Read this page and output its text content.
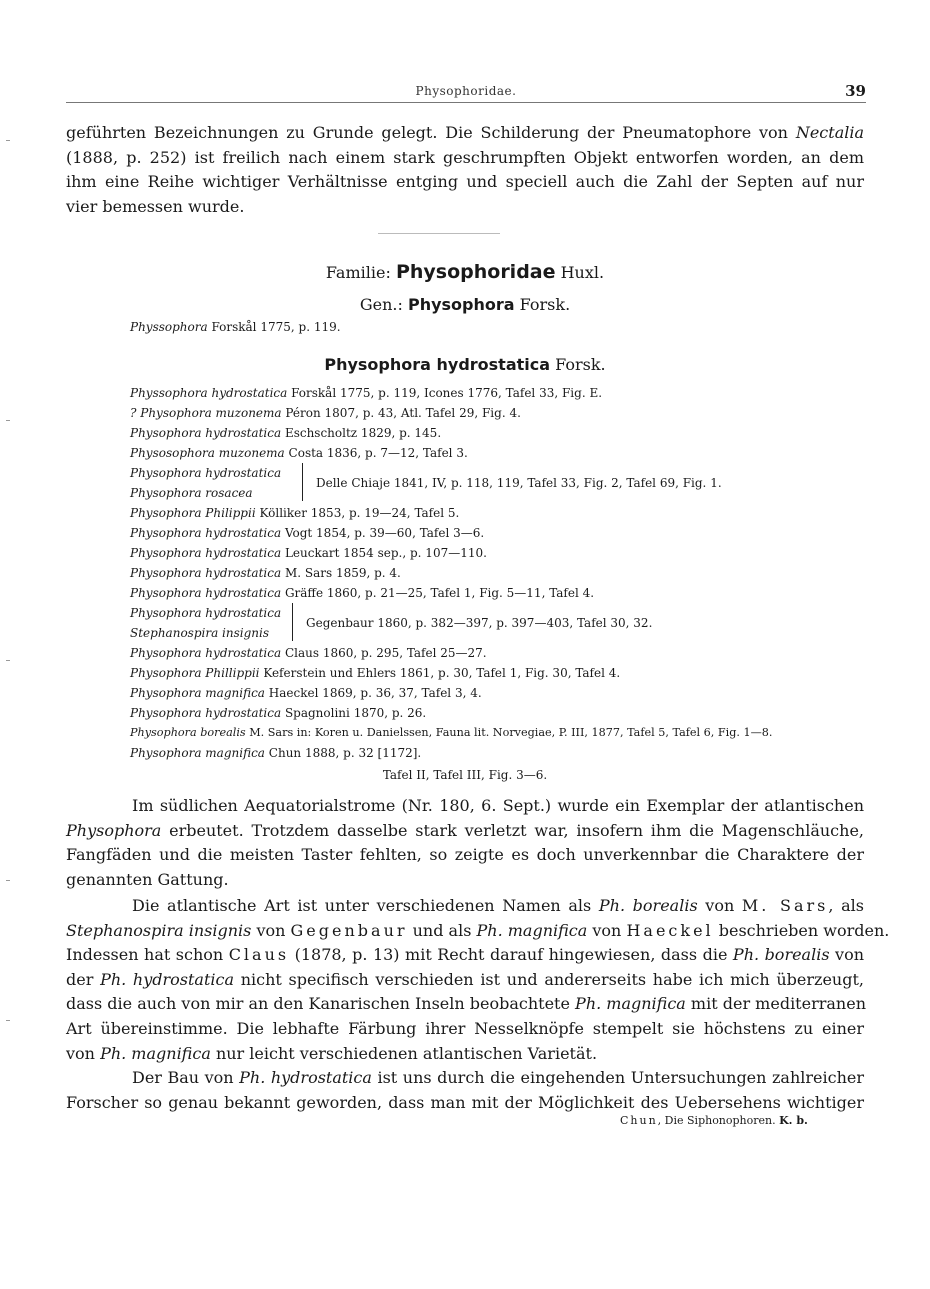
Physophoridae.	39
geführten Bezeichnungen zu Grunde gelegt. Die Schilderung der Pneumatophore von Nectalia
(1888, p. 252) ist freilich nach einem stark geschrumpften Objekt entworfen worden, an dem
ihm eine Reihe wichtiger Verhältnisse entging und speciell auch die Zahl der Septen auf nur
vier bemessen wurde.
Familie: Physophoridae Huxl.
Gen.: Physophora Forsk.
Physsophora Forskål 1775, p. 119.
Physophora hydrostatica Forsk.
Physsophora hydrostatica Forskål 1775, p. 119, Icones 1776, Tafel 33, Fig. E.
? Physophora muzonema Péron 1807, p. 43, Atl. Tafel 29, Fig. 4.
Physophora hydrostatica Eschscholtz 1829, p. 145.
Physosophora muzonema Costa 1836, p. 7—12, Tafel 3.
Physophora hydrostatica
Physophora rosacea
Delle Chiaje 1841, IV, p. 118, 119, Tafel 33, Fig. 2, Tafel 69, Fig. 1.
Physophora Philippii Kölliker 1853, p. 19—24, Tafel 5.
Physophora hydrostatica Vogt 1854, p. 39—60, Tafel 3—6.
Physophora hydrostatica Leuckart 1854 sep., p. 107—110.
Physophora hydrostatica M. Sars 1859, p. 4.
Physophora hydrostatica Gräffe 1860, p. 21—25, Tafel 1, Fig. 5—11, Tafel 4.
Physophora hydrostatica
Stephanospira insignis
Gegenbaur 1860, p. 382—397, p. 397—403, Tafel 30, 32.
Physophora hydrostatica Claus 1860, p. 295, Tafel 25—27.
Physophora Phillippii Keferstein und Ehlers 1861, p. 30, Tafel 1, Fig. 30, Tafel 4.
Physophora magnifica Haeckel 1869, p. 36, 37, Tafel 3, 4.
Physophora hydrostatica Spagnolini 1870, p. 26.
Physophora borealis M. Sars in: Koren u. Danielssen, Fauna lit. Norvegiae, P. III, 1877, Tafel 5, Tafel 6, Fig. 1—8.
Physophora magnifica Chun 1888, p. 32 [1172].
Tafel II, Tafel III, Fig. 3—6.
Im südlichen Aequatorialstrome (Nr. 180, 6. Sept.) wurde ein Exemplar der atlantischen
Physophora erbeutet. Trotzdem dasselbe stark verletzt war, insofern ihm die Magenschläuche,
Fangfäden und die meisten Taster fehlten, so zeigte es doch unverkennbar die Charaktere der
genannten Gattung.
Die atlantische Art ist unter verschiedenen Namen als Ph. borealis von M. Sars, als
Stephanospira insignis von Gegenbaur und als Ph. magnifica von Haeckel beschrieben worden.
Indessen hat schon Claus (1878, p. 13) mit Recht darauf hingewiesen, dass die Ph. borealis von
der Ph. hydrostatica nicht specifisch verschieden ist und andererseits habe ich mich überzeugt,
dass die auch von mir an den Kanarischen Inseln beobachtete Ph. magnifica mit der mediterranen
Art übereinstimme. Die lebhafte Färbung ihrer Nesselknöpfe stempelt sie höchstens zu einer
von Ph. magnifica nur leicht verschiedenen atlantischen Varietät.
Der Bau von Ph. hydrostatica ist uns durch die eingehenden Untersuchungen zahlreicher
Forscher so genau bekannt geworden, dass man mit der Möglichkeit des Uebersehens wichtiger
Chun, Die Siphonophoren. K. b.
